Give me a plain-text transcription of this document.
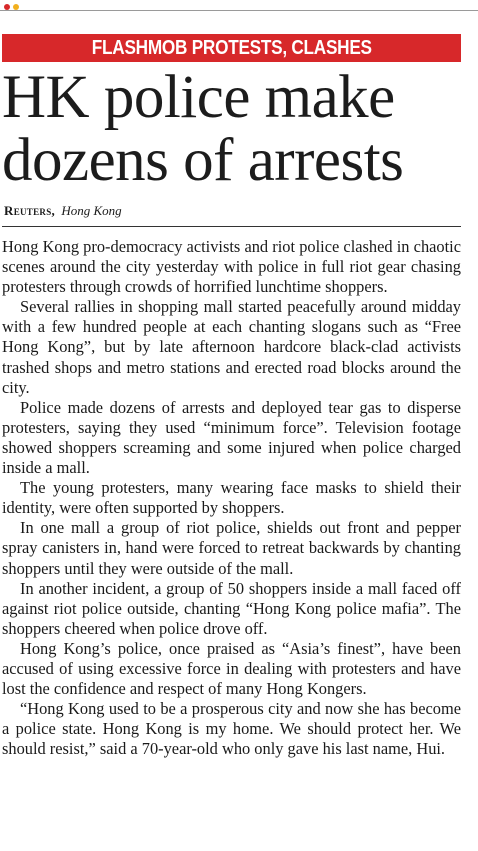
FLASHMOB PROTESTS, CLASHES
HK police make
dozens of arrests
Reuters, Hong Kong

Hong Kong pro-democracy activists and riot police clashed in chaotic scenes around the city yesterday with police in full riot gear chasing protesters through crowds of horrified lunchtime shoppers.

Several rallies in shopping mall started peacefully around midday with a few hundred people at each chanting slogans such as “Free Hong Kong”, but by late afternoon hardcore black-clad activists trashed shops and metro stations and erected road blocks around the city.

Police made dozens of arrests and deployed tear gas to disperse protesters, saying they used “minimum force”. Television footage showed shoppers screaming and some injured when police charged inside a mall.

The young protesters, many wearing face masks to shield their identity, were often supported by shoppers.

In one mall a group of riot police, shields out front and pepper spray canisters in, hand were forced to retreat backwards by chanting shoppers until they were outside of the mall.

In another incident, a group of 50 shoppers inside a mall faced off against riot police outside, chanting “Hong Kong police mafia”. The shoppers cheered when police drove off.

Hong Kong’s police, once praised as “Asia’s finest”, have been accused of using excessive force in dealing with protesters and have lost the confidence and respect of many Hong Kongers.

“Hong Kong used to be a prosperous city and now she has become a police state. Hong Kong is my home. We should protect her. We should resist,” said a 70-year-old who only gave his last name, Hui.
